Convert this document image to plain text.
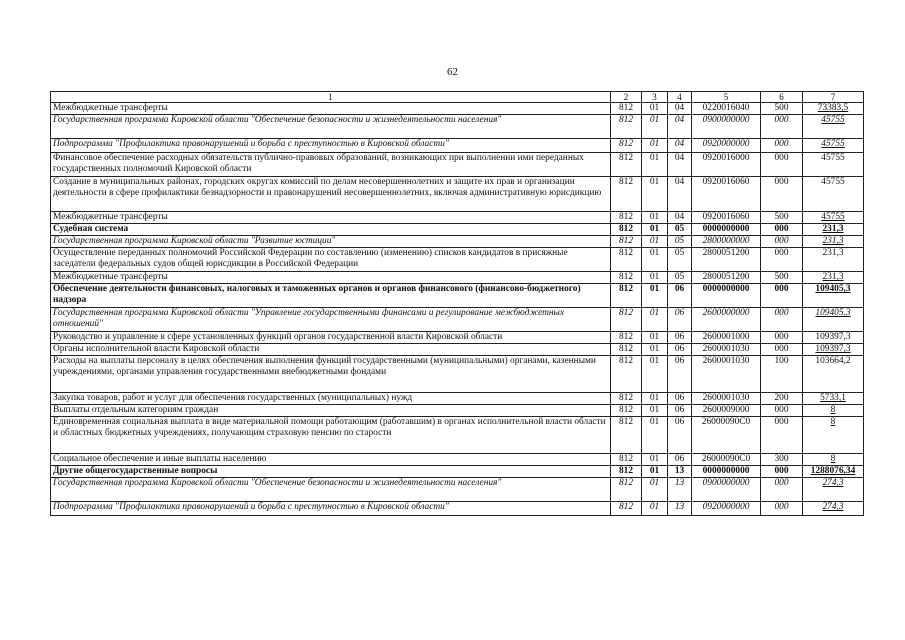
62
1	2	3	4	5	6	7
Межбюджетные трансферты	812	01	04	0220016040	500	73383,5
Государственная программа Кировской области "Обеспечение безопасности и жизнедеятельности населения"	812	01	04	0900000000	000	45755
Подпрограмма "Профилактика правонарушений и борьба с преступностью в Кировской области"	812	01	04	0920000000	000	45755
Финансовое обеспечение расходных обязательств публично-правовых образований, возникающих при выполнении ими переданных государственных полномочий Кировской области	812	01	04	0920016000	000	45755
Создание в муниципальных районах, городских округах комиссий по делам несовершеннолетних и защите их прав и организации деятельности в сфере профилактики безнадзорности и правонарушений несовершеннолетних, включая административную юрисдикцию	812	01	04	0920016060	000	45755
Межбюджетные трансферты	812	01	04	0920016060	500	45755
Судебная система	812	01	05	0000000000	000	231,3
Государственная программа Кировской области "Развитие юстиции"	812	01	05	2800000000	000	231,3
Осуществление переданных полномочий Российской Федерации по составлению (изменению) списков кандидатов в присяжные заседатели федеральных судов общей юрисдикции в Российской Федерации	812	01	05	2800051200	000	231,3
Межбюджетные трансферты	812	01	05	2800051200	500	231,3
Обеспечение деятельности финансовых, налоговых и таможенных органов и органов финансового (финансово-бюджетного) надзора	812	01	06	0000000000	000	109405,3
Государственная программа Кировской области "Управление государственными финансами и регулирование межбюджетных отношений"	812	01	06	2600000000	000	109405,3
Руководство и управление в сфере установленных функций органов государственной власти Кировской области	812	01	06	2600001000	000	109397,3
Органы исполнительной власти Кировской области	812	01	06	2600001030	000	109397,3
Расходы на выплаты персоналу в целях обеспечения выполнения функций государственными (муниципальными) органами, казенными учреждениями, органами управления государственными внебюджетными фондами	812	01	06	2600001030	100	103664,2
Закупка товаров, работ и услуг для обеспечения государственных (муниципальных) нужд	812	01	06	2600001030	200	5733,1
Выплаты отдельным категориям граждан	812	01	06	2600009000	000	8
Единовременная социальная выплата в виде материальной помощи работающим (работавшим) в органах исполнительной власти области и областных бюджетных учреждениях, получающим страховую пенсию по старости	812	01	06	26000090С0	000	8
Социальное обеспечение и иные выплаты населению	812	01	06	26000090С0	300	8
Другие общегосударственные вопросы	812	01	13	0000000000	000	1288076,34
Государственная программа Кировской области "Обеспечение безопасности и жизнедеятельности населения"	812	01	13	0900000000	000	274,3
Подпрограмма "Профилактика правонарушений и борьба с преступностью в Кировской области"	812	01	13	0920000000	000	274,3
